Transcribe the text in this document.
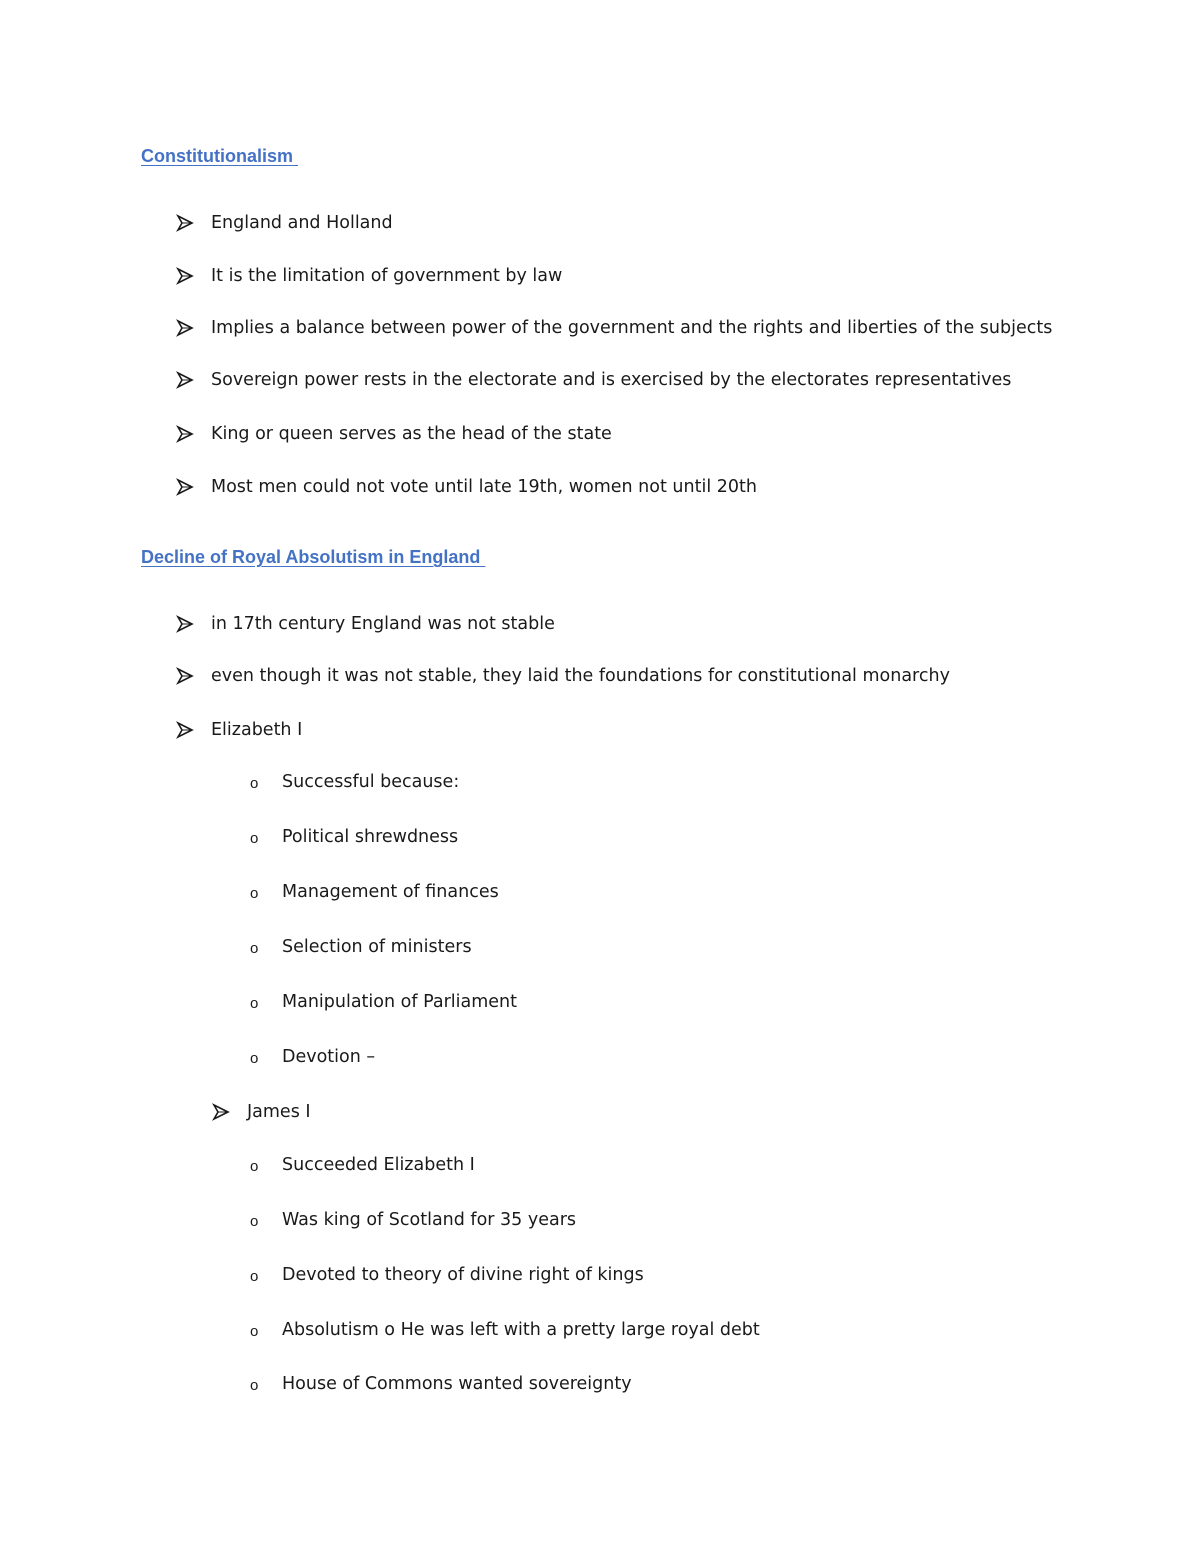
Constitutionalism
England and Holland
It is the limitation of government by law
Implies a balance between power of the government and the rights and liberties of the subjects
Sovereign power rests in the electorate and is exercised by the electorates representatives
King or queen serves as the head of the state
Most men could not vote until late 19th, women not until 20th
Decline of Royal Absolutism in England
in 17th century England was not stable
even though it was not stable, they laid the foundations for constitutional monarchy
Elizabeth I
o Successful because:
o Political shrewdness
o Management of finances
o Selection of ministers
o Manipulation of Parliament
o Devotion –
James I
o Succeeded Elizabeth I
o Was king of Scotland for 35 years
o Devoted to theory of divine right of kings
o Absolutism o He was left with a pretty large royal debt
o House of Commons wanted sovereignty
